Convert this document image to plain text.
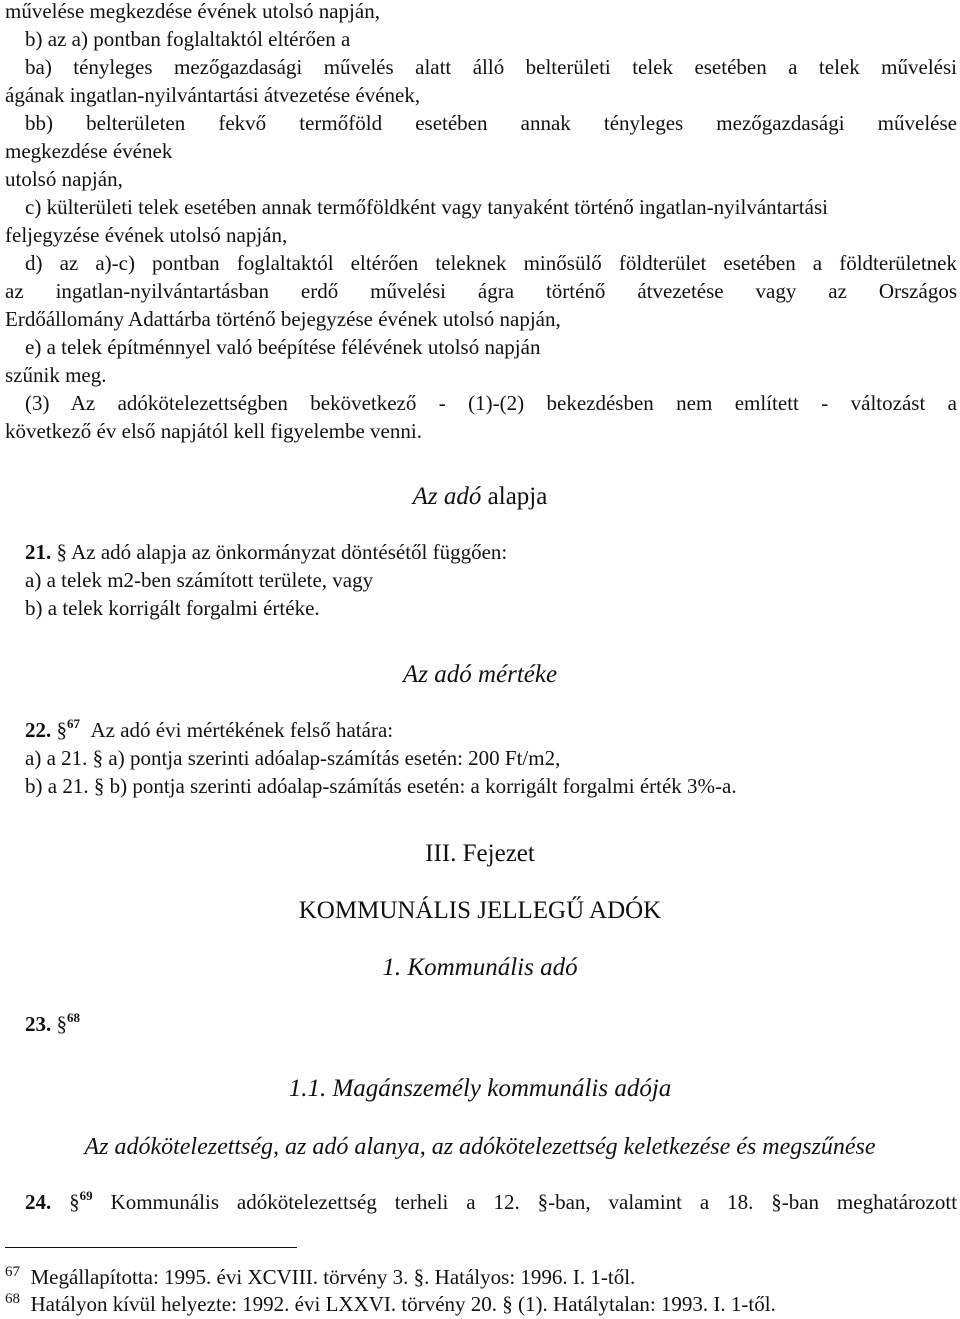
művelése megkezdése évének utolsó napján,
b) az a) pontban foglaltaktól eltérően a
ba) tényleges mezőgazdasági művelés alatt álló belterületi telek esetében a telek művelési
ágának ingatlan-nyilvántartási átvezetése évének,
bb) belterületen fekvő termőföld esetében annak tényleges mezőgazdasági művelése
megkezdése évének
utolsó napján,
c) külterületi telek esetében annak termőföldként vagy tanyaként történő ingatlan-nyilvántartási
feljegyzése évének utolsó napján,
d) az a)-c) pontban foglaltaktól eltérően teleknek minősülő földterület esetében a földterületnek
az ingatlan-nyilvántartásban erdő művelési ágra történő átvezetése vagy az Országos
Erdőállomány Adattárba történő bejegyzése évének utolsó napján,
e) a telek építménnyel való beépítése félévének utolsó napján
szűnik meg.
(3) Az adókötelezettségben bekövetkező - (1)-(2) bekezdésben nem említett - változást a
következő év első napjától kell figyelembe venni.
Az adó alapja
21. § Az adó alapja az önkormányzat döntésétől függően:
a) a telek m2-ben számított területe, vagy
b) a telek korrigált forgalmi értéke.
Az adó mértéke
22. §$^{67}$ Az adó évi mértékének felső határa:
a) a 21. § a) pontja szerinti adóalap-számítás esetén: 200 Ft/m2,
b) a 21. § b) pontja szerinti adóalap-számítás esetén: a korrigált forgalmi érték 3%-a.
III. Fejezet
KOMMUNÁLIS JELLEGŰ ADÓK
1. Kommunális adó
23. §$^{68}$
1.1. Magánszemély kommunális adója
Az adókötelezettség, az adó alanya, az adókötelezettség keletkezése és megszűnése
24. §$^{69}$ Kommunális adókötelezettség terheli a 12. §-ban, valamint a 18. §-ban meghatározott
$^{67}$ Megállapította: 1995. évi XCVIII. törvény 3. §. Hatályos: 1996. I. 1-től.
$^{68}$ Hatályon kívül helyezte: 1992. évi LXXVI. törvény 20. § (1). Hatálytalan: 1993. I. 1-től.
